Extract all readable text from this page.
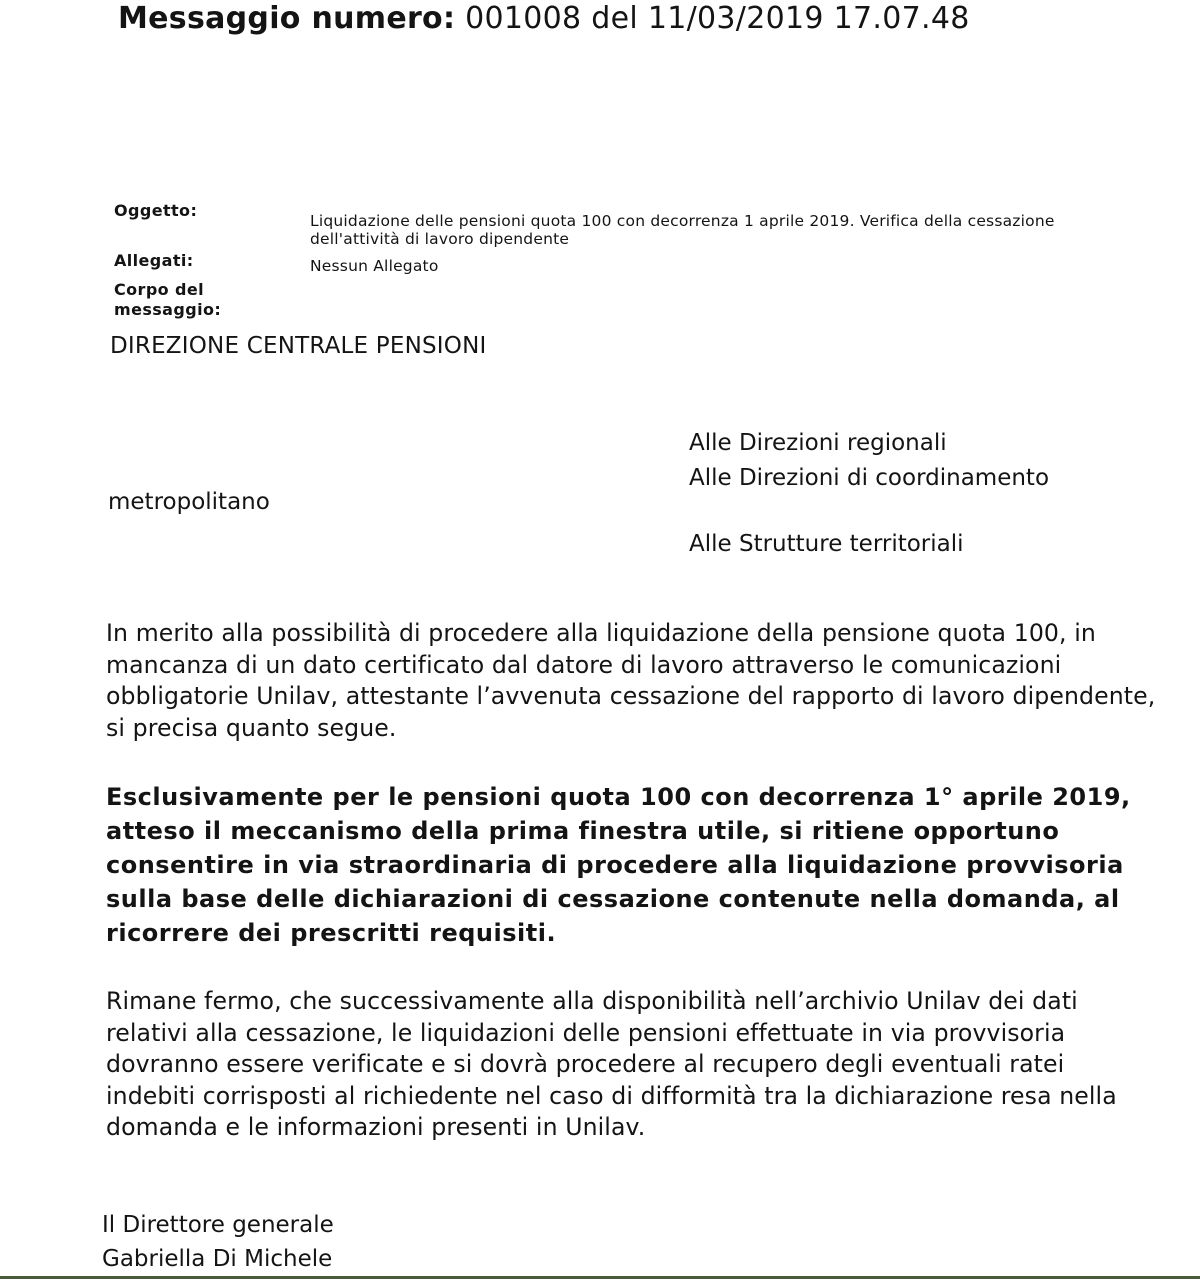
Messaggio numero: 001008 del 11/03/2019 17.07.48
Oggetto:
Liquidazione delle pensioni quota 100 con decorrenza 1 aprile 2019. Verifica della cessazione dell'attività di lavoro dipendente
Allegati:	Nessun Allegato
Corpo del
messaggio:
DIREZIONE CENTRALE PENSIONI
Alle Direzioni regionali
Alle Direzioni di coordinamento
metropolitano
Alle Strutture territoriali
In merito alla possibilità di procedere alla liquidazione della pensione quota 100, in mancanza di un dato certificato dal datore di lavoro attraverso le comunicazioni obbligatorie Unilav, attestante l’avvenuta cessazione del rapporto di lavoro dipendente, si precisa quanto segue.
Esclusivamente per le pensioni quota 100 con decorrenza 1° aprile 2019, atteso il meccanismo della prima finestra utile, si ritiene opportuno consentire in via straordinaria di procedere alla liquidazione provvisoria sulla base delle dichiarazioni di cessazione contenute nella domanda, al ricorrere dei prescritti requisiti.
Rimane fermo, che successivamente alla disponibilità nell’archivio Unilav dei dati relativi alla cessazione, le liquidazioni delle pensioni effettuate in via provvisoria dovranno essere verificate e si dovrà procedere al recupero degli eventuali ratei indebiti corrisposti al richiedente nel caso di difformità tra la dichiarazione resa nella domanda e le informazioni presenti in Unilav.
Il Direttore generale
Gabriella Di Michele
